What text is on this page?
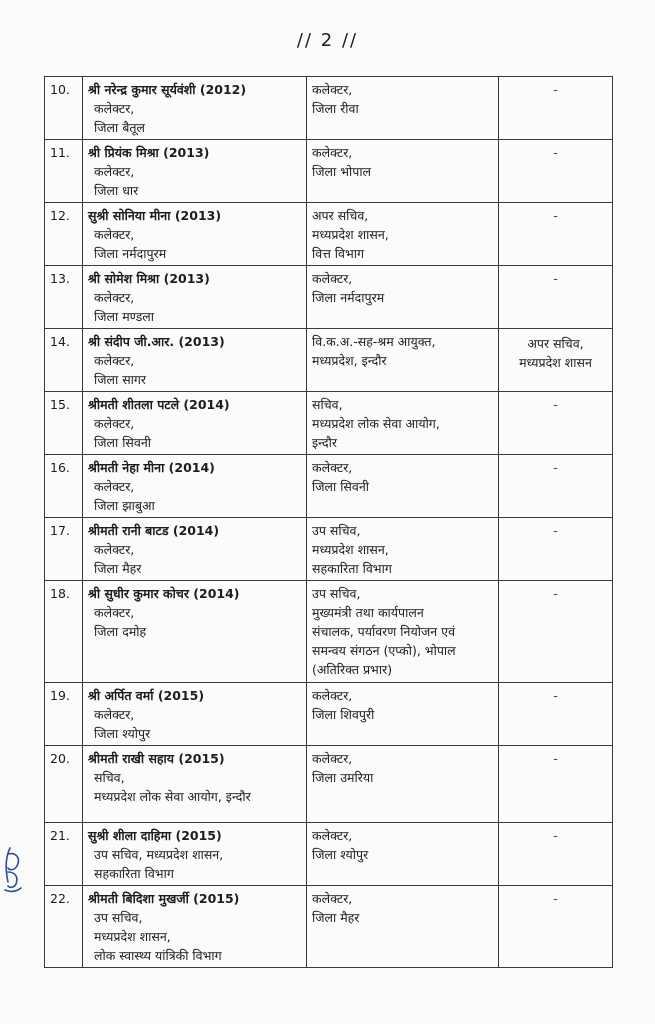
// 2 //
10.	श्री नरेन्द्र कुमार सूर्यवंशी (2012)
कलेक्टर,
जिला बैतूल	कलेक्टर,
जिला रीवा	-

11.	श्री प्रियंक मिश्रा (2013)
कलेक्टर,
जिला धार	कलेक्टर,
जिला भोपाल	-

12.	सुश्री सोनिया मीना (2013)
कलेक्टर,
जिला नर्मदापुरम	अपर सचिव,
मध्यप्रदेश शासन,
वित्त विभाग	-

13.	श्री सोमेश मिश्रा (2013)
कलेक्टर,
जिला मण्डला	कलेक्टर,
जिला नर्मदापुरम	-

14.	श्री संदीप जी.आर. (2013)
कलेक्टर,
जिला सागर	वि.क.अ.-सह-श्रम आयुक्त,
मध्यप्रदेश, इन्दौर	अपर सचिव,
मध्यप्रदेश शासन

15.	श्रीमती शीतला पटले (2014)
कलेक्टर,
जिला सिवनी	सचिव,
मध्यप्रदेश लोक सेवा आयोग,
इन्दौर	-

16.	श्रीमती नेहा मीना (2014)
कलेक्टर,
जिला झाबुआ	कलेक्टर,
जिला सिवनी	-

17.	श्रीमती रानी बाटड (2014)
कलेक्टर,
जिला मैहर	उप सचिव,
मध्यप्रदेश शासन,
सहकारिता विभाग	-

18.	श्री सुधीर कुमार कोचर (2014)
कलेक्टर,
जिला दमोह	उप सचिव,
मुख्यमंत्री तथा कार्यपालन
संचालक, पर्यावरण नियोजन एवं
समन्वय संगठन (एप्को), भोपाल
(अतिरिक्त प्रभार)	-

19.	श्री अर्पित वर्मा (2015)
कलेक्टर,
जिला श्योपुर	कलेक्टर,
जिला शिवपुरी	-

20.	श्रीमती राखी सहाय (2015)
सचिव,
मध्यप्रदेश लोक सेवा आयोग, इन्दौर	कलेक्टर,
जिला उमरिया	-

21.	सुश्री शीला दाहिमा (2015)
उप सचिव, मध्यप्रदेश शासन,
सहकारिता विभाग	कलेक्टर,
जिला श्योपुर	-

22.	श्रीमती बिदिशा मुखर्जी (2015)
उप सचिव,
मध्यप्रदेश शासन,
लोक स्वास्थ्य यांत्रिकी विभाग	कलेक्टर,
जिला मैहर	-
